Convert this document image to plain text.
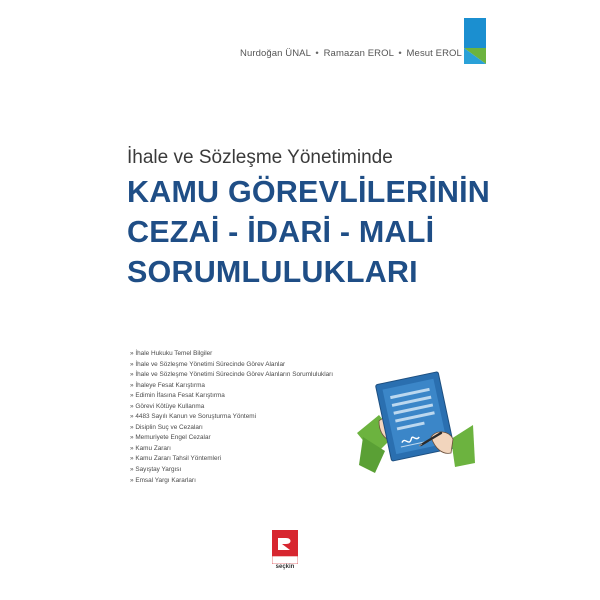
Nurdoğan ÜNAL • Ramazan EROL • Mesut EROL
İhale ve Sözleşme Yönetiminde
KAMU GÖREVLİLERİNİN
CEZAİ - İDARİ - MALİ
SORUMLULUKLARI
» İhale Hukuku Temel Bilgiler
» İhale ve Sözleşme Yönetimi Sürecinde Görev Alanlar
» İhale ve Sözleşme Yönetimi Sürecinde Görev Alanların Sorumlulukları
» İhaleye Fesat Karıştırma
» Edimin İfasına Fesat Karıştırma
» Görevi Kötüye Kullanma
» 4483 Sayılı Kanun ve Soruşturma Yöntemi
» Disiplin Suç ve Cezaları
» Memuriyete Engel Cezalar
» Kamu Zararı
» Kamu Zararı Tahsil Yöntemleri
» Sayıştay Yargısı
» Emsal Yargı Kararları
seçkin
